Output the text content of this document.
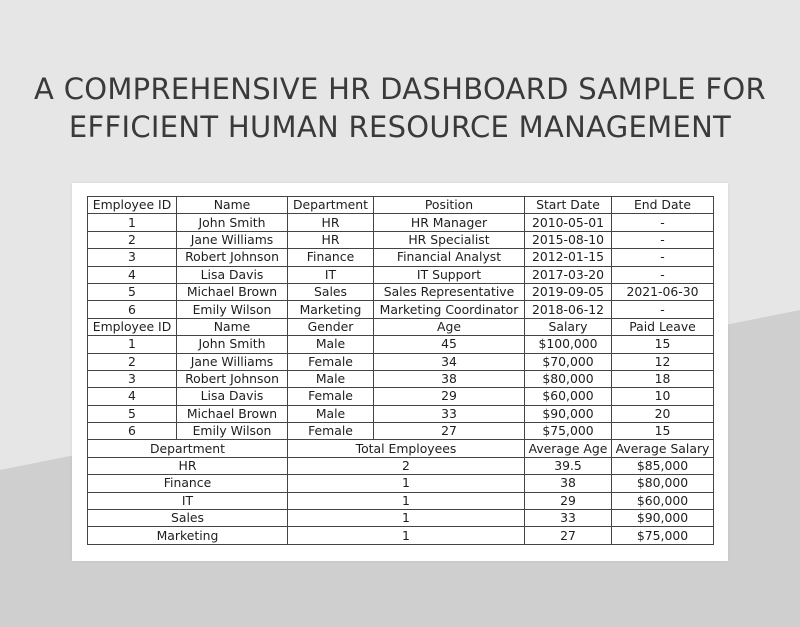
A COMPREHENSIVE HR DASHBOARD SAMPLE FOR
EFFICIENT HUMAN RESOURCE MANAGEMENT
Employee ID	Name	Department	Position	Start Date	End Date
1	John Smith	HR	HR Manager	2010-05-01	-
2	Jane Williams	HR	HR Specialist	2015-08-10	-
3	Robert Johnson	Finance	Financial Analyst	2012-01-15	-
4	Lisa Davis	IT	IT Support	2017-03-20	-
5	Michael Brown	Sales	Sales Representative	2019-09-05	2021-06-30
6	Emily Wilson	Marketing	Marketing Coordinator	2018-06-12	-
Employee ID	Name	Gender	Age	Salary	Paid Leave
1	John Smith	Male	45	$100,000	15
2	Jane Williams	Female	34	$70,000	12
3	Robert Johnson	Male	38	$80,000	18
4	Lisa Davis	Female	29	$60,000	10
5	Michael Brown	Male	33	$90,000	20
6	Emily Wilson	Female	27	$75,000	15
Department		Total Employees		Average Age	Average Salary
HR		2		39.5	$85,000
Finance		1		38	$80,000
IT		1		29	$60,000
Sales		1		33	$90,000
Marketing		1		27	$75,000
